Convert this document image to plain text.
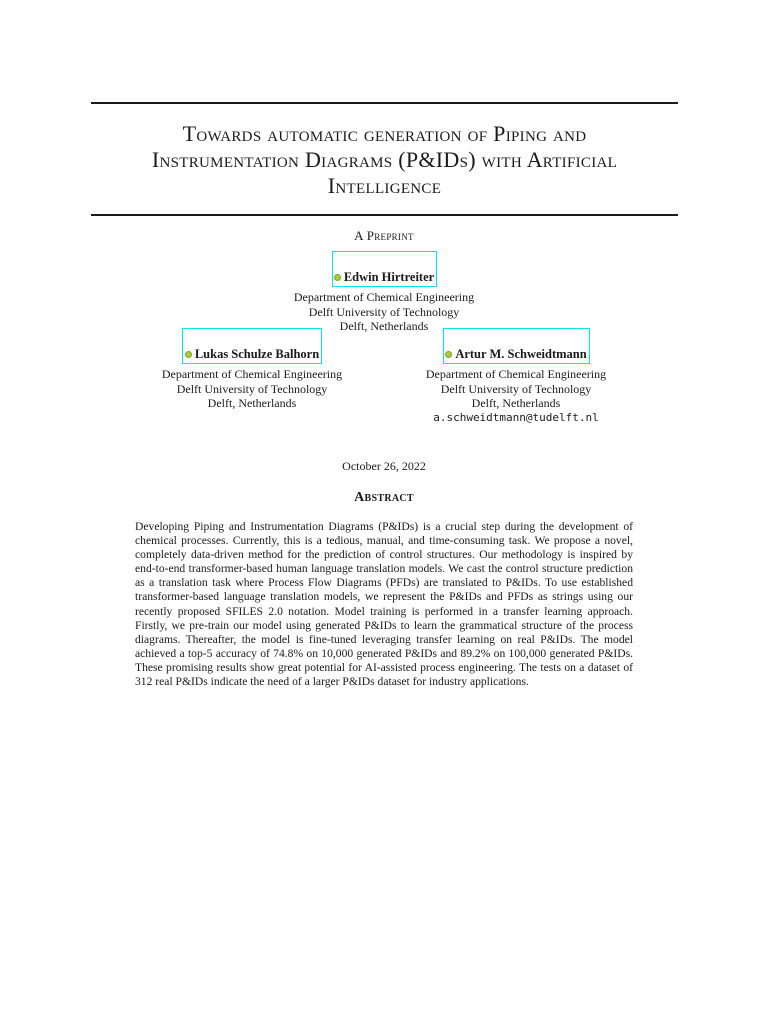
Towards automatic generation of Piping and
Instrumentation Diagrams (P&IDs) with Artificial
Intelligence
A Preprint
Edwin Hirtreiter
Department of Chemical Engineering
Delft University of Technology
Delft, Netherlands
Lukas Schulze Balhorn
Department of Chemical Engineering
Delft University of Technology
Delft, Netherlands
Artur M. Schweidtmann
Department of Chemical Engineering
Delft University of Technology
Delft, Netherlands
a.schweidtmann@tudelft.nl
October 26, 2022
Abstract

Developing Piping and Instrumentation Diagrams (P&IDs) is a crucial step during the development of chemical processes. Currently, this is a tedious, manual, and time-consuming task. We propose a novel, completely data-driven method for the prediction of control structures. Our methodology is inspired by end-to-end transformer-based human language translation models. We cast the control structure prediction as a translation task where Process Flow Diagrams (PFDs) are translated to P&IDs. To use established transformer-based language translation models, we represent the P&IDs and PFDs as strings using our recently proposed SFILES 2.0 notation. Model training is performed in a transfer learning approach. Firstly, we pre-train our model using generated P&IDs to learn the grammatical structure of the process diagrams. Thereafter, the model is fine-tuned leveraging transfer learning on real P&IDs. The model achieved a top-5 accuracy of 74.8% on 10,000 generated P&IDs and 89.2% on 100,000 generated P&IDs. These promising results show great potential for AI-assisted process engineering. The tests on a dataset of 312 real P&IDs indicate the need of a larger P&IDs dataset for industry applications.
